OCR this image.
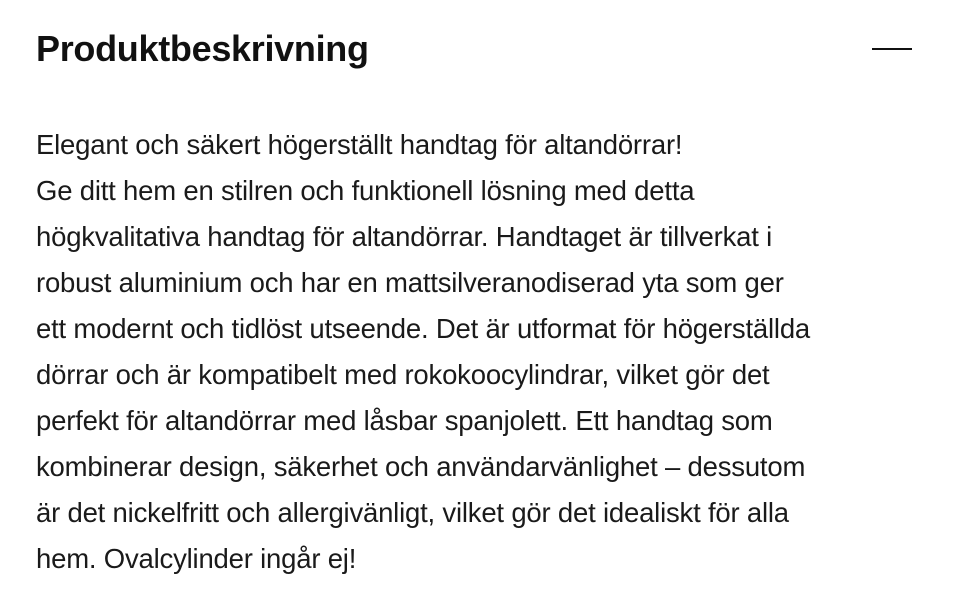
Produktbeskrivning
Elegant och säkert högerställt handtag för altandörrar!
Ge ditt hem en stilren och funktionell lösning med detta
högkvalitativa handtag för altandörrar. Handtaget är tillverkat i
robust aluminium och har en mattsilveranodiserad yta som ger
ett modernt och tidlöst utseende. Det är utformat för högerställda
dörrar och är kompatibelt med rokokoocylindrar, vilket gör det
perfekt för altandörrar med låsbar spanjolett. Ett handtag som
kombinerar design, säkerhet och användarvänlighet – dessutom
är det nickelfritt och allergivänligt, vilket gör det idealiskt för alla
hem. Ovalcylinder ingår ej!
